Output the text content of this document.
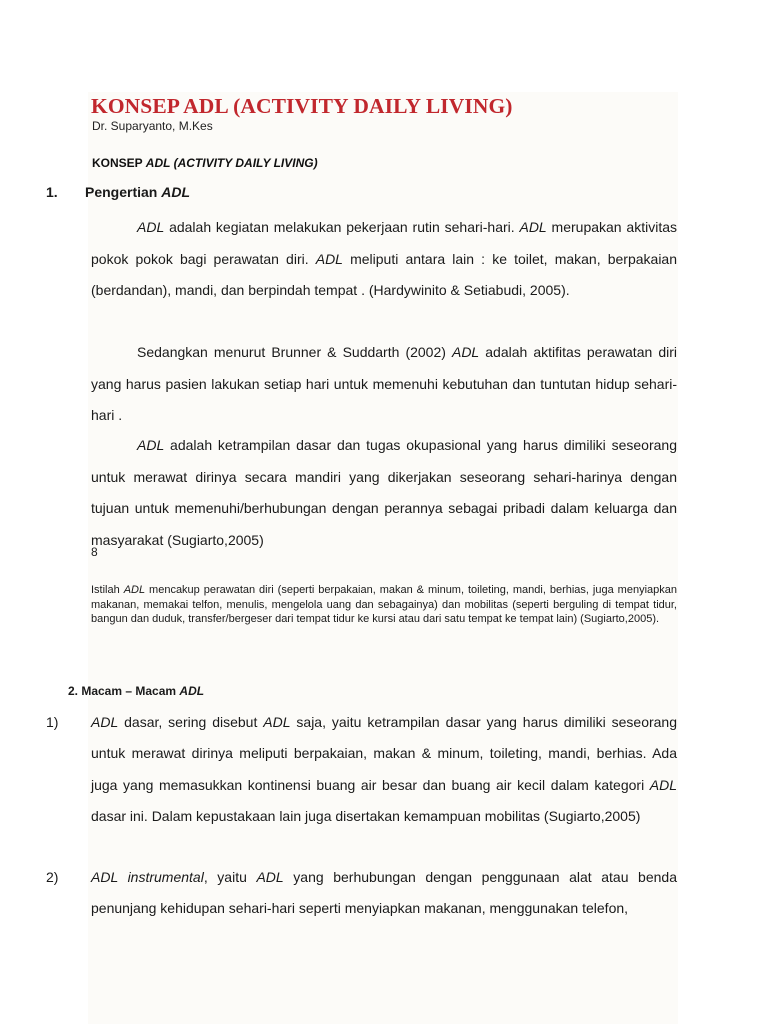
KONSEP ADL (ACTIVITY DAILY LIVING)
Dr. Suparyanto, M.Kes
KONSEP ADL (ACTIVITY DAILY LIVING)
1. Pengertian ADL

ADL adalah kegiatan melakukan pekerjaan rutin sehari-hari. ADL merupakan aktivitas pokok pokok bagi perawatan diri. ADL meliputi antara lain : ke toilet, makan, berpakaian (berdandan), mandi, dan berpindah tempat . (Hardywinito & Setiabudi, 2005).

Sedangkan menurut Brunner & Suddarth (2002) ADL adalah aktifitas perawatan diri yang harus pasien lakukan setiap hari untuk memenuhi kebutuhan dan tuntutan hidup sehari-hari .

ADL adalah ketrampilan dasar dan tugas okupasional yang harus dimiliki seseorang untuk merawat dirinya secara mandiri yang dikerjakan seseorang sehari-harinya dengan tujuan untuk memenuhi/berhubungan dengan perannya sebagai pribadi dalam keluarga dan masyarakat (Sugiarto,2005)

8

Istilah ADL mencakup perawatan diri (seperti berpakaian, makan & minum, toileting, mandi, berhias, juga menyiapkan makanan, memakai telfon, menulis, mengelola uang dan sebagainya) dan mobilitas (seperti berguling di tempat tidur, bangun dan duduk, transfer/bergeser dari tempat tidur ke kursi atau dari satu tempat ke tempat lain) (Sugiarto,2005).

2. Macam – Macam ADL
1) ADL dasar, sering disebut ADL saja, yaitu ketrampilan dasar yang harus dimiliki seseorang untuk merawat dirinya meliputi berpakaian, makan & minum, toileting, mandi, berhias. Ada juga yang memasukkan kontinensi buang air besar dan buang air kecil dalam kategori ADL dasar ini. Dalam kepustakaan lain juga disertakan kemampuan mobilitas (Sugiarto,2005)

2) ADL instrumental, yaitu ADL yang berhubungan dengan penggunaan alat atau benda penunjang kehidupan sehari-hari seperti menyiapkan makanan, menggunakan telefon,
